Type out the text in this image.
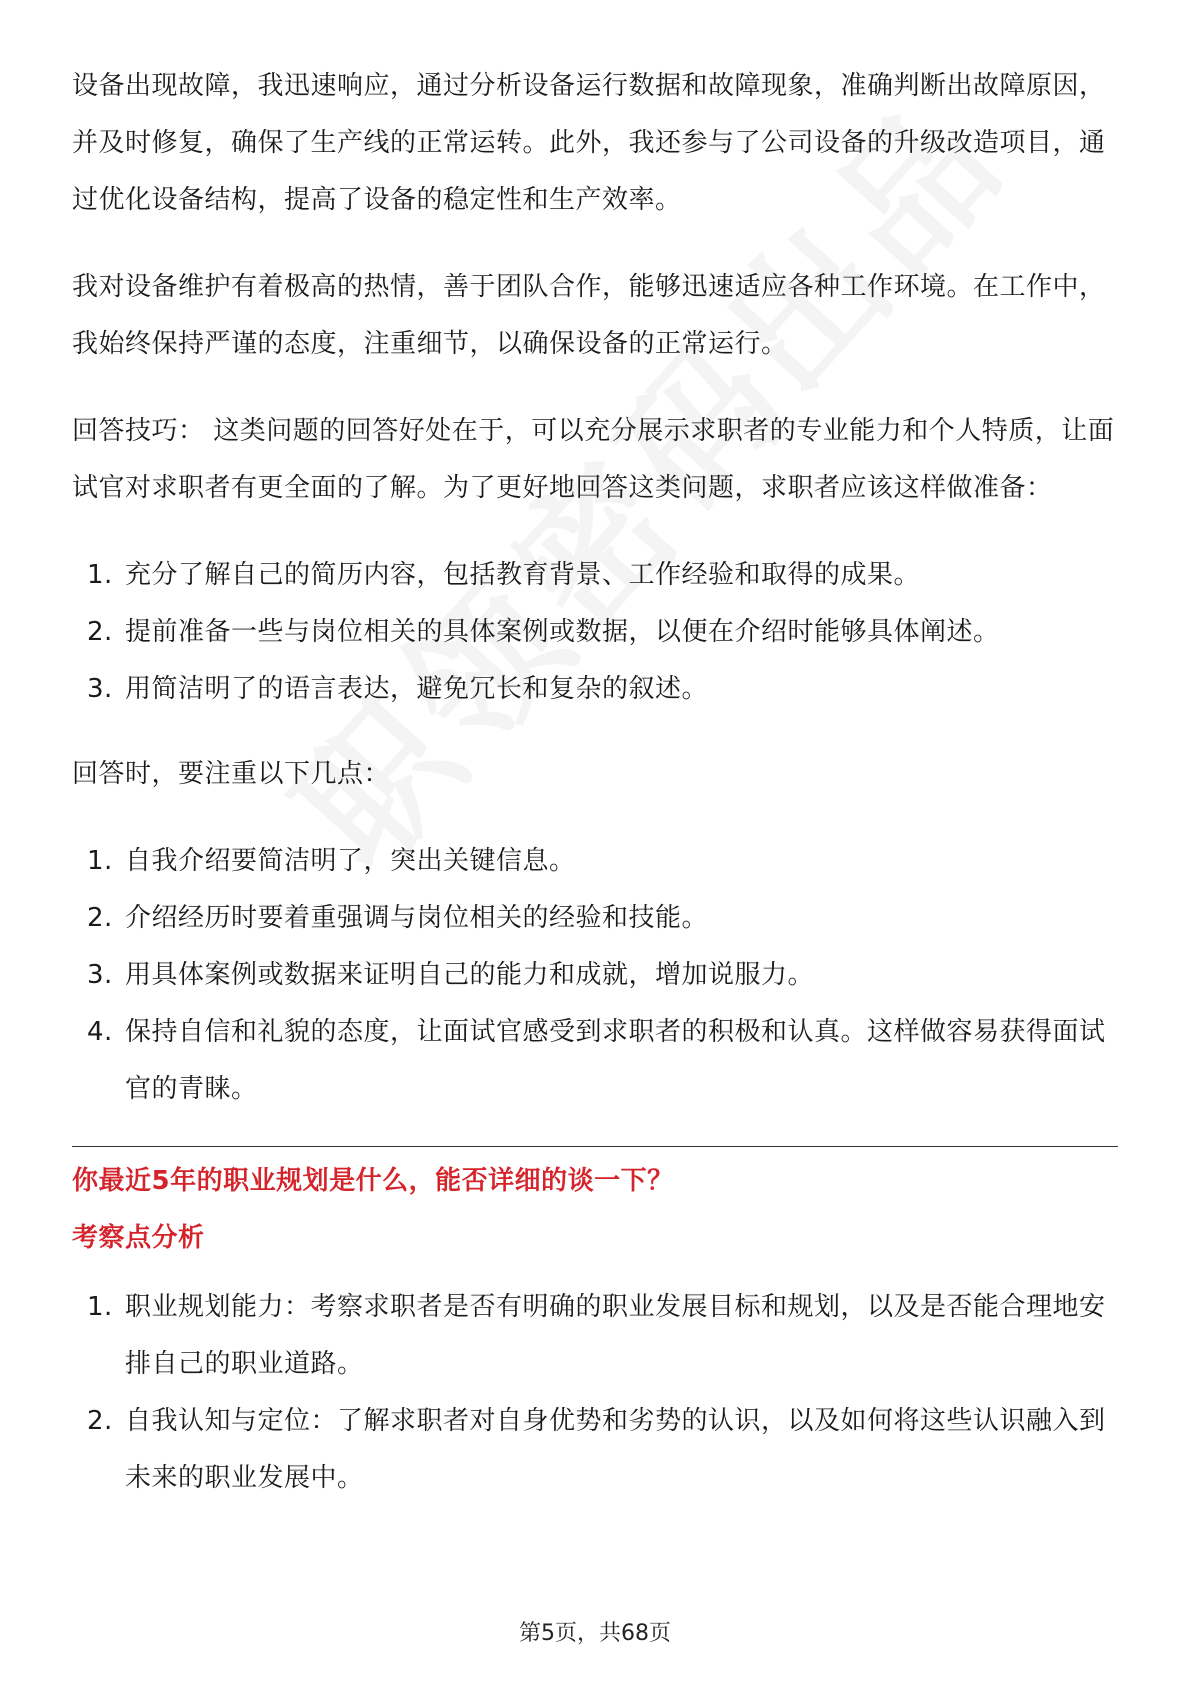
设备出现故障，我迅速响应，通过分析设备运行数据和故障现象，准确判断出故障原因，并及时修复，确保了生产线的正常运转。此外，我还参与了公司设备的升级改造项目，通过优化设备结构，提高了设备的稳定性和生产效率。

我对设备维护有着极高的热情，善于团队合作，能够迅速适应各种工作环境。在工作中，我始终保持严谨的态度，注重细节，以确保设备的正常运行。

回答技巧： 这类问题的回答好处在于，可以充分展示求职者的专业能力和个人特质，让面试官对求职者有更全面的了解。为了更好地回答这类问题，求职者应该这样做准备：

1. 充分了解自己的简历内容，包括教育背景、工作经验和取得的成果。
2. 提前准备一些与岗位相关的具体案例或数据，以便在介绍时能够具体阐述。
3. 用简洁明了的语言表达，避免冗长和复杂的叙述。

回答时，要注重以下几点：

1. 自我介绍要简洁明了，突出关键信息。
2. 介绍经历时要着重强调与岗位相关的经验和技能。
3. 用具体案例或数据来证明自己的能力和成就，增加说服力。
4. 保持自信和礼貌的态度，让面试官感受到求职者的积极和认真。这样做容易获得面试官的青睐。

你最近5年的职业规划是什么，能否详细的谈一下？

考察点分析

1. 职业规划能力：考察求职者是否有明确的职业发展目标和规划，以及是否能合理地安排自己的职业道路。
2. 自我认知与定位：了解求职者对自身优势和劣势的认识，以及如何将这些认识融入到未来的职业发展中。
第5页，共68页
